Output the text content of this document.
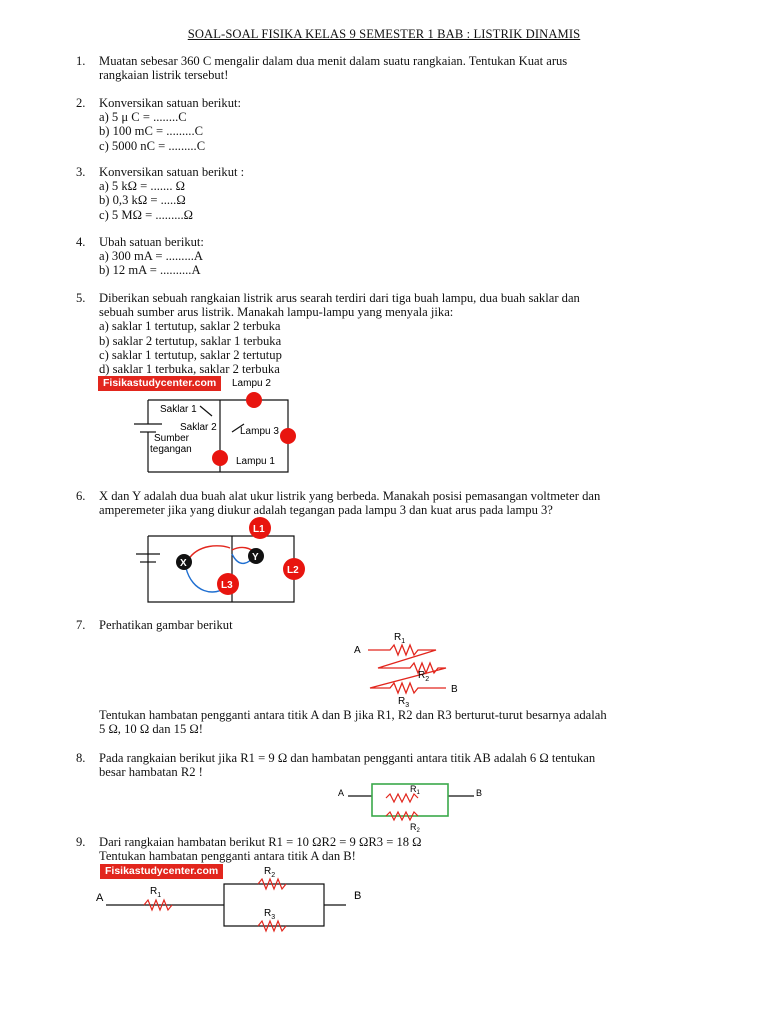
SOAL-SOAL FISIKA KELAS 9 SEMESTER 1 BAB : LISTRIK DINAMIS
1. Muatan sebesar 360 C mengalir dalam dua menit dalam suatu rangkaian. Tentukan Kuat arus
rangkaian listrik tersebut!
2. Konversikan satuan berikut:
a) 5 μ C = ........C
b) 100 mC = .........C
c) 5000 nC = .........C
3. Konversikan satuan berikut :
a) 5 kΩ = ....... Ω
b) 0,3 kΩ = .....Ω
c) 5 MΩ = .........Ω
4. Ubah satuan berikut:
a) 300 mA = .........A
b) 12 mA = ..........A
5. Diberikan sebuah rangkaian listrik arus searah terdiri dari tiga buah lampu, dua buah saklar dan
sebuah sumber arus listrik. Manakah lampu-lampu yang menyala jika:
a) saklar 1 tertutup, saklar 2 terbuka
b) saklar 2 tertutup, saklar 1 terbuka
c) saklar 1 tertutup, saklar 2 tertutup
d) saklar 1 terbuka, saklar 2 terbuka
Fisikastudycenter.com	Lampu 2
Saklar 1
Saklar 2 Lampu 3
Sumber
tegangan
Lampu 1
6. X dan Y adalah dua buah alat ukur listrik yang berbeda. Manakah posisi pemasangan voltmeter dan
amperemeter jika yang diukur adalah tegangan pada lampu 3 dan kuat arus pada lampu 3?
L1
L2
L3
X
Y
7. Perhatikan gambar berikut
A
B
$R_1$
$R_2$
$R_3$
Tentukan hambatan pengganti antara titik A dan B jika R1, R2 dan R3 berturut-turut besarnya adalah
5 Ω, 10 Ω dan 15 Ω!
8. Pada rangkaian berikut jika R1 = 9 Ω dan hambatan pengganti antara titik AB adalah 6 Ω tentukan
besar hambatan R2 !
A	B
$R_1$
$R_2$
9. Dari rangkaian hambatan berikut R1 = 10 ΩR2 = 9 ΩR3 = 18 Ω
Tentukan hambatan pengganti antara titik A dan B!
Fisikastudycenter.com
A	B
$R_1$
$R_2$
$R_3$
